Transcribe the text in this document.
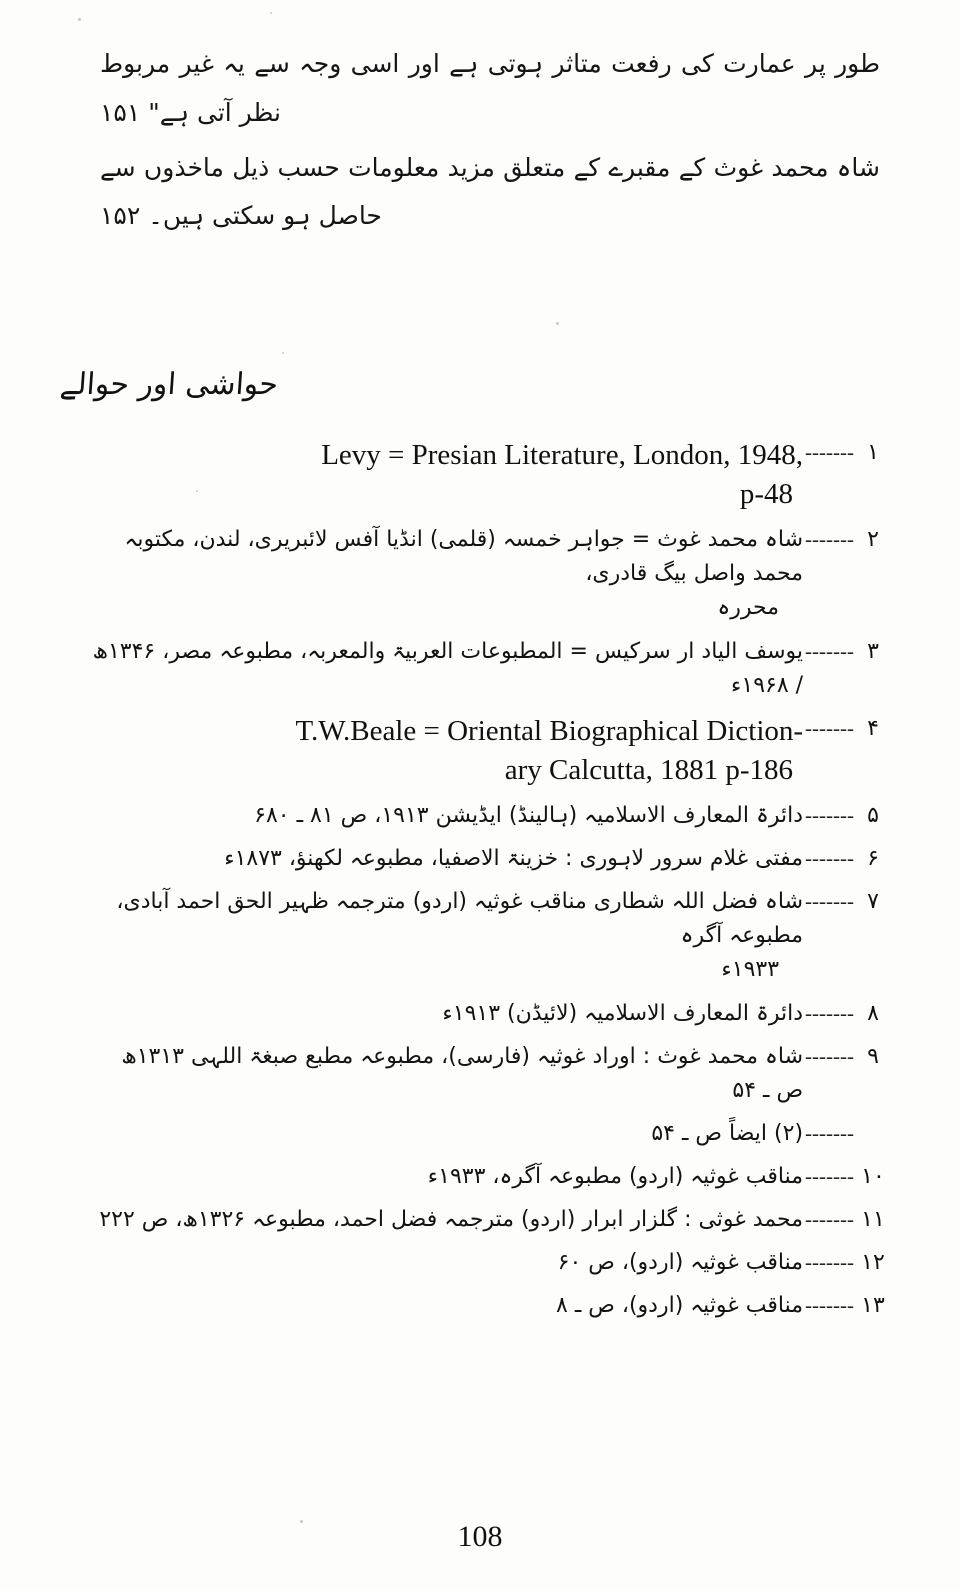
طور پر عمارت کی رفعت متاثر ہوتی ہے اور اسی وجہ سے یہ غیر مربوط نظر آتی ہے" ۱۵۱

شاہ محمد غوث کے مقبرے کے متعلق مزید معلومات حسب ذیل ماخذوں سے حاصل ہو سکتی ہیں۔ ۱۵۲

حواشی اور حوالے
۱
-------
Levy = Presian Literature, London, 1948,
p-48
۲
-------
شاہ محمد غوث = جواہر خمسہ (قلمی) انڈیا آفس لائبریری، لندن، مکتوبہ محمد واصل بیگ قادری،
محررہ
۳
-------
یوسف الیاد ار سرکیس = المطبوعات العربیۃ والمعربہ، مطبوعہ مصر، ۱۳۴۶ھ / ۱۹۶۸ء
۴
-------
T.W.Beale = Oriental Biographical Diction-
ary Calcutta, 1881 p-186
۵
-------
دائرۃ المعارف الاسلامیہ (ہالینڈ) ایڈیشن ۱۹۱۳، ص ۸۱ ـ ۶۸۰
۶
-------
مفتی غلام سرور لاہوری : خزینۃ الاصفیا، مطبوعہ لکھنؤ، ۱۸۷۳ء
۷
-------
شاہ فضل اللہ شطاری مناقب غوثیہ (اردو) مترجمہ ظہیر الحق احمد آبادی، مطبوعہ آگرہ
۱۹۳۳ء
۸
-------
دائرۃ المعارف الاسلامیہ (لائیڈن) ۱۹۱۳ء
۹
-------
شاہ محمد غوث : اوراد غوثیہ (فارسی)، مطبوعہ مطبع صبغۃ اللہی ۱۳۱۳ھ ص ـ ۵۴
-------
(۲) ایضاً ص ـ ۵۴
۱۰
-------
مناقب غوثیہ (اردو) مطبوعہ آگرہ، ۱۹۳۳ء
۱۱
-------
محمد غوثی : گلزار ابرار (اردو) مترجمہ فضل احمد، مطبوعہ ۱۳۲۶ھ، ص ۲۲۲
۱۲
-------
مناقب غوثیہ (اردو)، ص ۶۰
۱۳
-------
مناقب غوثیہ (اردو)، ص ـ ۸
108
